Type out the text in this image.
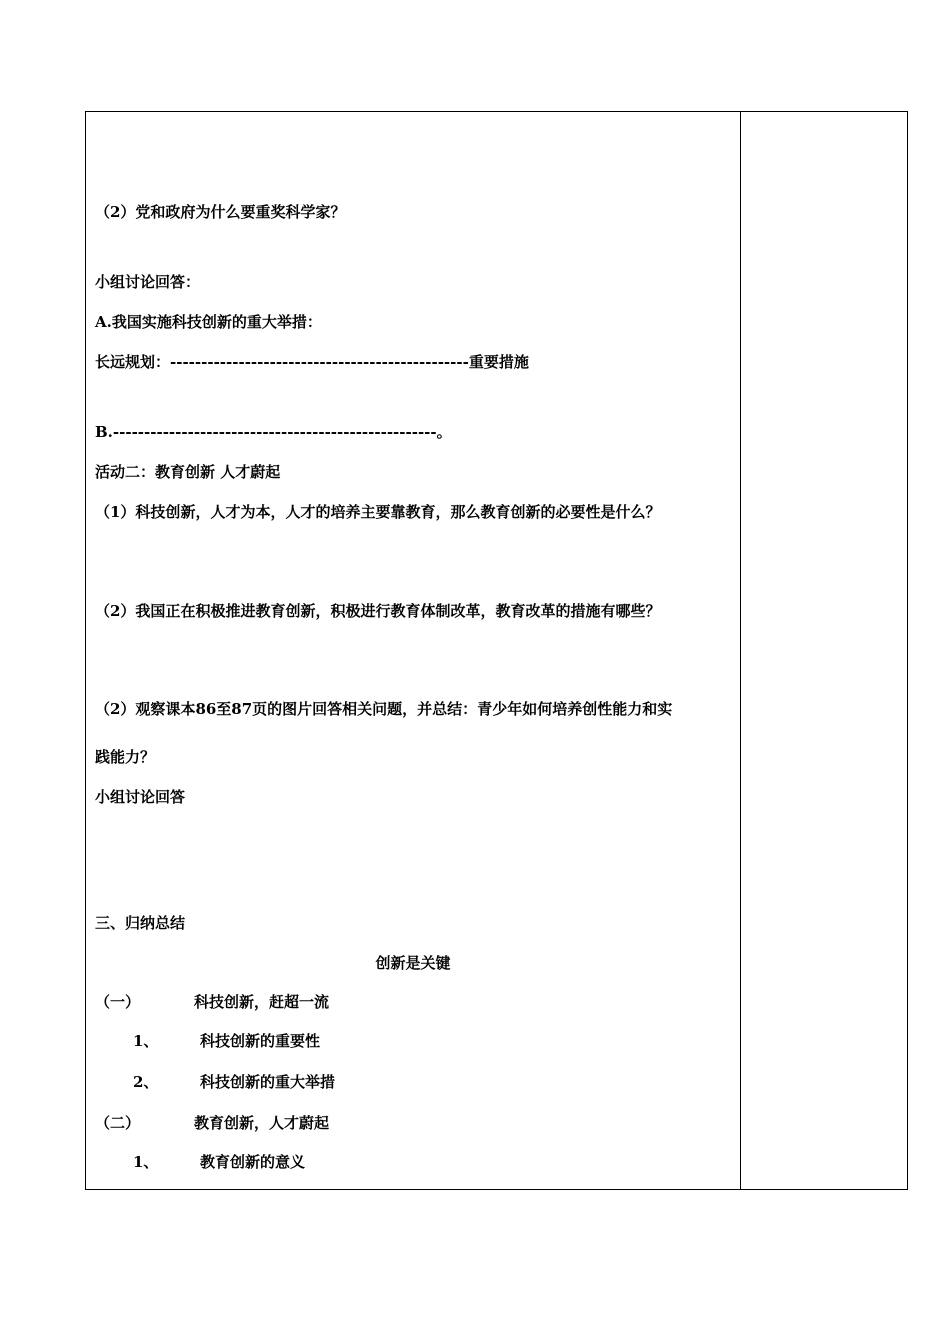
（2）党和政府为什么要重奖科学家？
小组讨论回答：
A.我国实施科技创新的重大举措：
长远规划：------------------------------------------------重要措施
B.----------------------------------------------------。
活动二：教育创新 人才蔚起
（1）科技创新，人才为本，人才的培养主要靠教育，那么教育创新的必要性是什么？
（2）我国正在积极推进教育创新，积极进行教育体制改革，教育改革的措施有哪些？
（2）观察课本86至87页的图片回答相关问题，并总结：青少年如何培养创性能力和实
践能力？
小组讨论回答
三、归纳总结
创新是关键
（一）	科技创新，赶超一流
1、	科技创新的重要性
2、	科技创新的重大举措
（二）	教育创新，人才蔚起
1、	教育创新的意义
